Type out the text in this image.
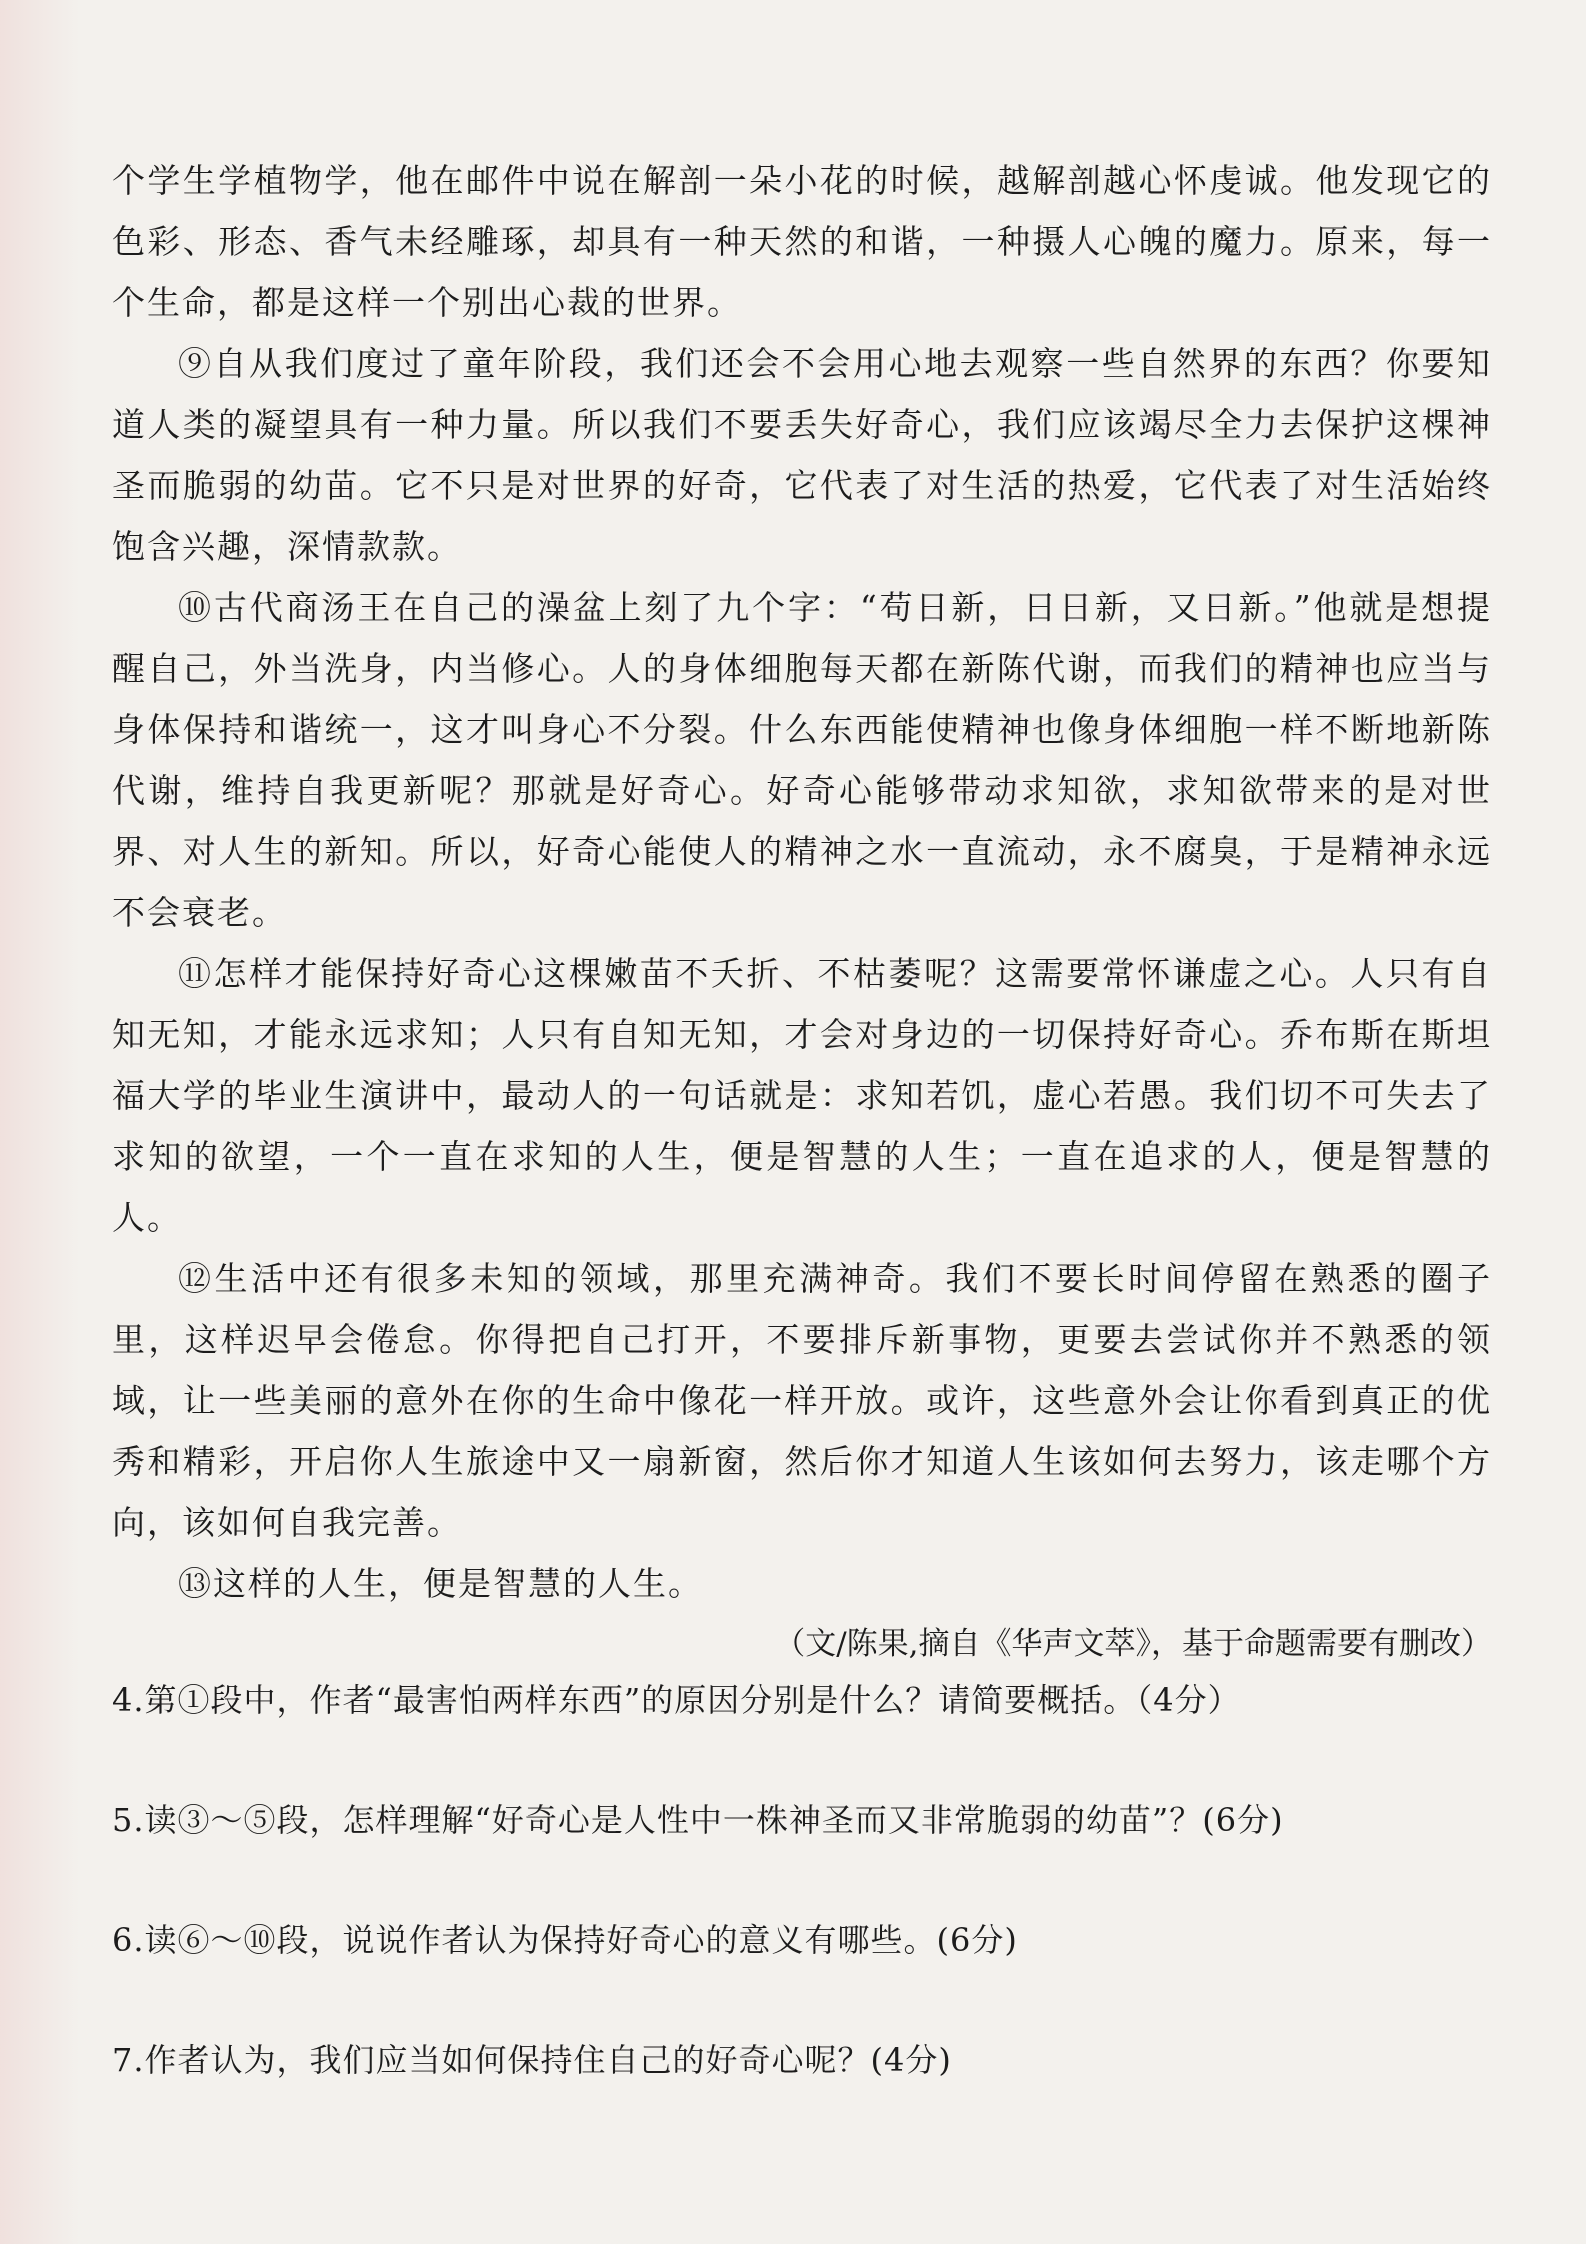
个学生学植物学，他在邮件中说在解剖一朵小花的时候，越解剖越心怀虔诚。他发现它的色彩、形态、香气未经雕琢，却具有一种天然的和谐，一种摄人心魄的魔力。原来，每一个生命，都是这样一个别出心裁的世界。

⑨自从我们度过了童年阶段，我们还会不会用心地去观察一些自然界的东西？你要知道人类的凝望具有一种力量。所以我们不要丢失好奇心，我们应该竭尽全力去保护这棵神圣而脆弱的幼苗。它不只是对世界的好奇，它代表了对生活的热爱，它代表了对生活始终饱含兴趣，深情款款。

⑩古代商汤王在自己的澡盆上刻了九个字：“苟日新，日日新，又日新。”他就是想提醒自己，外当洗身，内当修心。人的身体细胞每天都在新陈代谢，而我们的精神也应当与身体保持和谐统一，这才叫身心不分裂。什么东西能使精神也像身体细胞一样不断地新陈代谢，维持自我更新呢？那就是好奇心。好奇心能够带动求知欲，求知欲带来的是对世界、对人生的新知。所以，好奇心能使人的精神之水一直流动，永不腐臭，于是精神永远不会衰老。

⑪怎样才能保持好奇心这棵嫩苗不夭折、不枯萎呢？这需要常怀谦虚之心。人只有自知无知，才能永远求知；人只有自知无知，才会对身边的一切保持好奇心。乔布斯在斯坦福大学的毕业生演讲中，最动人的一句话就是：求知若饥，虚心若愚。我们切不可失去了求知的欲望，一个一直在求知的人生，便是智慧的人生；一直在追求的人，便是智慧的人。

⑫生活中还有很多未知的领域，那里充满神奇。我们不要长时间停留在熟悉的圈子里，这样迟早会倦怠。你得把自己打开，不要排斥新事物，更要去尝试你并不熟悉的领域，让一些美丽的意外在你的生命中像花一样开放。或许，这些意外会让你看到真正的优秀和精彩，开启你人生旅途中又一扇新窗，然后你才知道人生该如何去努力，该走哪个方向，该如何自我完善。

⑬这样的人生，便是智慧的人生。

（文/陈果,摘自《华声文萃》，基于命题需要有删改）

4.第①段中，作者“最害怕两样东西”的原因分别是什么？请简要概括。（4分）

5.读③～⑤段，怎样理解“好奇心是人性中一株神圣而又非常脆弱的幼苗”？(6分)

6.读⑥～⑩段，说说作者认为保持好奇心的意义有哪些。(6分)

7.作者认为，我们应当如何保持住自己的好奇心呢？(4分)
